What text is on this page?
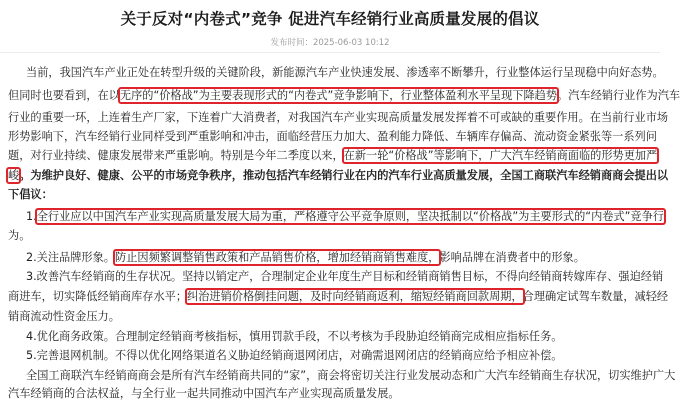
关于反对“内卷式”竞争 促进汽车经销行业高质量发展的倡议
发布时间：2025-06-03 10:12
当前，我国汽车产业正处在转型升级的关键阶段，新能源汽车产业快速发展、渗透率不断攀升，行业整体运行呈现稳中向好态势。
但同时也要看到，在以无序的“价格战”为主要表现形式的“内卷式”竞争影响下，行业整体盈利水平呈现下降趋势。汽车经销行业作为汽车
行业的重要一环，上连着生产厂家，下连着广大消费者，对我国汽车产业实现高质量发展发挥着不可或缺的重要作用。在当前行业市场
形势影响下，汽车经销行业同样受到严重影响和冲击，面临经营压力加大、盈利能力降低、车辆库存偏高、流动资金紧张等一系列问
题，对行业持续、健康发展带来严重影响。特别是今年二季度以来，在新一轮“价格战”等影响下，广大汽车经销商面临的形势更加严
峻。为维护良好、健康、公平的市场竞争秩序，推动包括汽车经销行业在内的汽车行业高质量发展，全国工商联汽车经销商商会提出以
下倡议：
1.全行业应以中国汽车产业实现高质量发展大局为重，严格遵守公平竞争原则，坚决抵制以“价格战”为主要形式的“内卷式”竞争行
为。
2.关注品牌形象。防止因频繁调整销售政策和产品销售价格，增加经销商销售难度，影响品牌在消费者中的形象。
3.改善汽车经销商的生存状况。坚持以销定产，合理制定企业年度生产目标和经销商销售目标，不得向经销商转嫁库存、强迫经销
商进车，切实降低经销商库存水平；纠治进销价格倒挂问题，及时向经销商返利，缩短经销商回款周期，合理确定试驾车数量，减轻经
销商流动性资金压力。
4.优化商务政策。合理制定经销商考核指标，慎用罚款手段，不以考核为手段胁迫经销商完成相应指标任务。
5.完善退网机制。不得以优化网络渠道名义胁迫经销商退网闭店，对确需退网闭店的经销商应给予相应补偿。
全国工商联汽车经销商商会是所有汽车经销商共同的“家”，商会将密切关注行业发展动态和广大汽车经销商生存状况，切实维护广大
汽车经销商的合法权益，与全行业一起共同推动中国汽车产业实现高质量发展。
